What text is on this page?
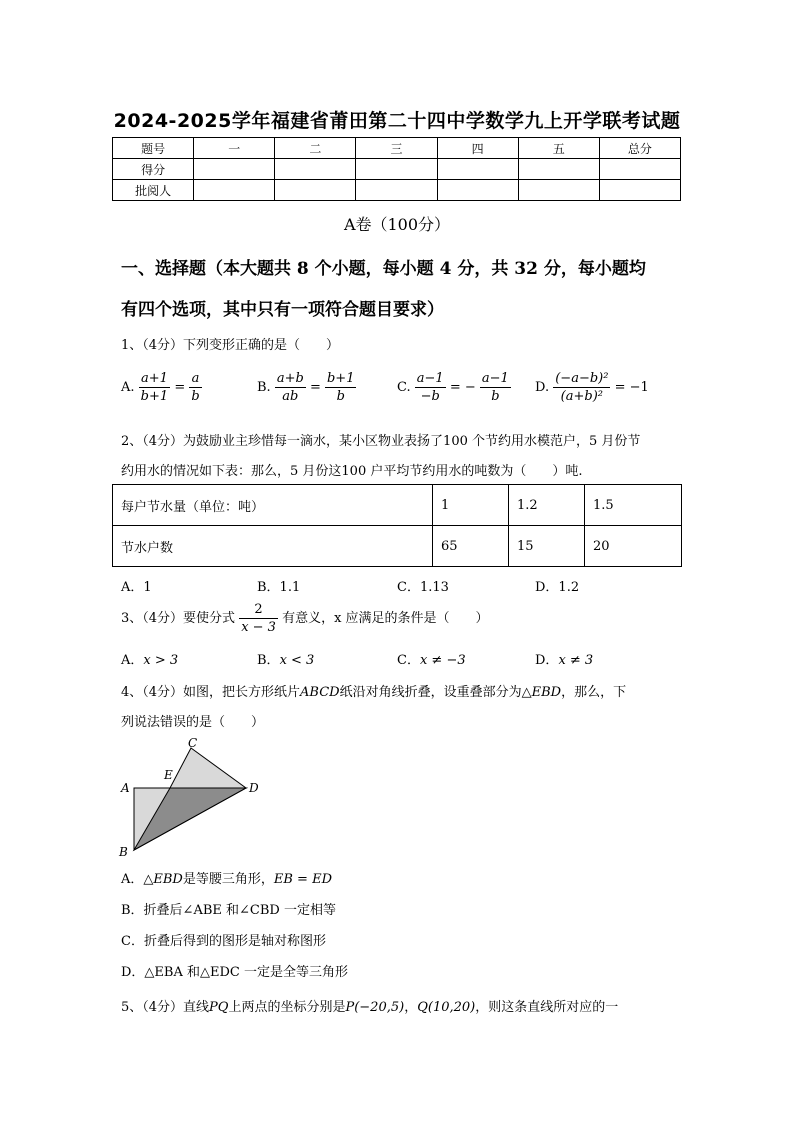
2024-2025学年福建省莆田第二十四中学数学九上开学联考试题
题号	一	二	三	四	五	总分
得分						
批阅人						
A卷（100分）
一、选择题（本大题共 8 个小题，每小题 4 分，共 32 分，每小题均
有四个选项，其中只有一项符合题目要求）
1、（4分）下列变形正确的是（　　）
A. $\frac{a+1}{b+1} = \frac{a}{b}$	B. $\frac{a+b}{ab} = \frac{b+1}{b}$	C. $\frac{a-1}{-b}$ = − $\frac{a-1}{b} D$. $\frac{\text{(−a−b)²}}{\text{(a+b)²}} = -1$
2、（4分）为鼓励业主珍惜每一滴水，某小区物业表扬了100 个节约用水模范户，5 月份节
约用水的情况如下表：那么，5 月份这100 户平均节约用水的吨数为（　　）吨.
每户节水量（单位：吨）	1	1.2	1.5
节水户数	65	15	20
A．1	B．1.1	C．1.13	D．1.2
3、（4分）要使分式 $\frac{2}{x - 3}$ 有意义，x 应满足的条件是（　　）
A．x > 3	B．x < 3	C．x ≠ −3	D．x ≠ 3
4、（4分）如图，把长方形纸片ABCD纸沿对角线折叠，设重叠部分为△EBD，那么，下
列说法错误的是（　　）
C
E
A	D
B
A．△EBD是等腰三角形，EB = ED
B．折叠后∠ABE 和∠CBD 一定相等
C．折叠后得到的图形是轴对称图形
D．△EBA 和△EDC 一定是全等三角形
5、（4分）直线PQ上两点的坐标分别是P(−20,5)，Q(10,20)，则这条直线所对应的一
